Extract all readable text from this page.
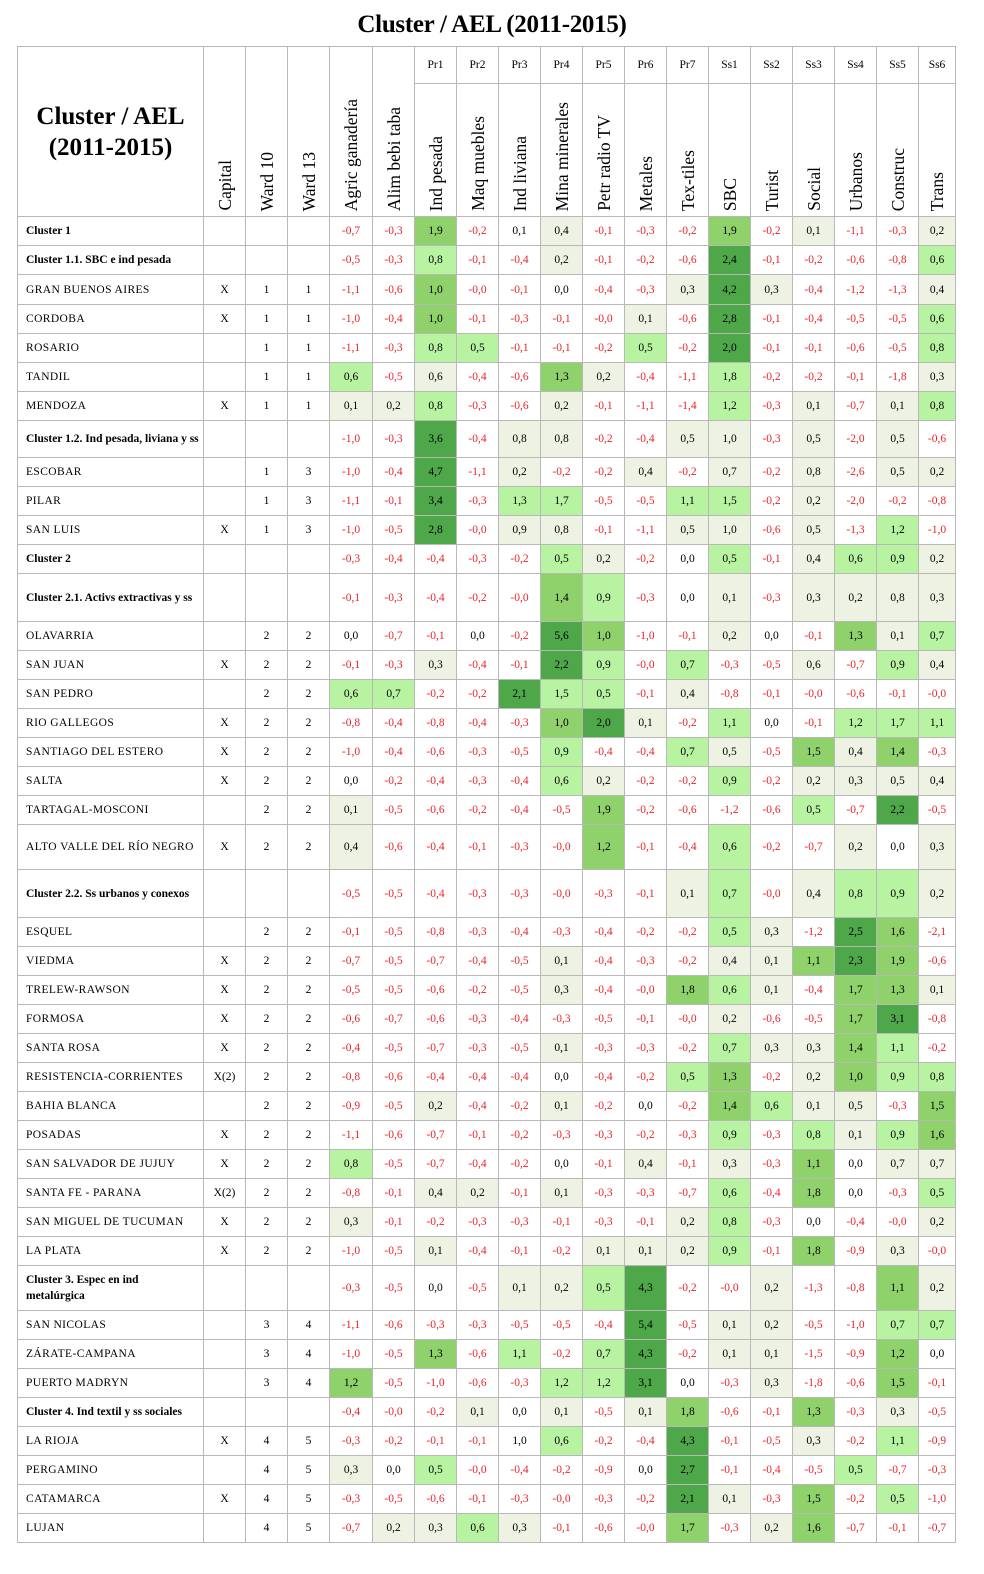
Cluster / AEL (2011-2015)
Cluster / AEL (2011-2015)	Capital	Ward 10	Ward 13	Agric ganadería	Alim bebi taba	Pr1	Pr2	Pr3	Pr4	Pr5	Pr6	Pr7	Ss1	Ss2	Ss3	Ss4	Ss5	Ss6
						Ind pesada	Maq muebles	Ind liviana	Mina minerales	Petr radio TV	Metales	Tex-tiles	SBC	Turist	Social	Urbanos	Construc	Trans
Cluster 1				-0,7	-0,3	1,9	-0,2	0,1	0,4	-0,1	-0,3	-0,2	1,9	-0,2	0,1	-1,1	-0,3	0,2
Cluster 1.1. SBC e ind pesada				-0,5	-0,3	0,8	-0,1	-0,4	0,2	-0,1	-0,2	-0,6	2,4	-0,1	-0,2	-0,6	-0,8	0,6
GRAN BUENOS AIRES	X	1	1	-1,1	-0,6	1,0	-0,0	-0,1	0,0	-0,4	-0,3	0,3	4,2	0,3	-0,4	-1,2	-1,3	0,4
CORDOBA	X	1	1	-1,0	-0,4	1,0	-0,1	-0,3	-0,1	-0,0	0,1	-0,6	2,8	-0,1	-0,4	-0,5	-0,5	0,6
ROSARIO		1	1	-1,1	-0,3	0,8	0,5	-0,1	-0,1	-0,2	0,5	-0,2	2,0	-0,1	-0,1	-0,6	-0,5	0,8
TANDIL		1	1	0,6	-0,5	0,6	-0,4	-0,6	1,3	0,2	-0,4	-1,1	1,8	-0,2	-0,2	-0,1	-1,8	0,3
MENDOZA	X	1	1	0,1	0,2	0,8	-0,3	-0,6	0,2	-0,1	-1,1	-1,4	1,2	-0,3	0,1	-0,7	0,1	0,8
Cluster 1.2. Ind pesada, liviana y ss				-1,0	-0,3	3,6	-0,4	0,8	0,8	-0,2	-0,4	0,5	1,0	-0,3	0,5	-2,0	0,5	-0,6
ESCOBAR		1	3	-1,0	-0,4	4,7	-1,1	0,2	-0,2	-0,2	0,4	-0,2	0,7	-0,2	0,8	-2,6	0,5	0,2
PILAR		1	3	-1,1	-0,1	3,4	-0,3	1,3	1,7	-0,5	-0,5	1,1	1,5	-0,2	0,2	-2,0	-0,2	-0,8
SAN LUIS	X	1	3	-1,0	-0,5	2,8	-0,0	0,9	0,8	-0,1	-1,1	0,5	1,0	-0,6	0,5	-1,3	1,2	-1,0
Cluster 2				-0,3	-0,4	-0,4	-0,3	-0,2	0,5	0,2	-0,2	0,0	0,5	-0,1	0,4	0,6	0,9	0,2
Cluster 2.1. Activs extractivas y ss				-0,1	-0,3	-0,4	-0,2	-0,0	1,4	0,9	-0,3	0,0	0,1	-0,3	0,3	0,2	0,8	0,3
OLAVARRIA		2	2	0,0	-0,7	-0,1	0,0	-0,2	5,6	1,0	-1,0	-0,1	0,2	0,0	-0,1	1,3	0,1	0,7
SAN JUAN	X	2	2	-0,1	-0,3	0,3	-0,4	-0,1	2,2	0,9	-0,0	0,7	-0,3	-0,5	0,6	-0,7	0,9	0,4
SAN PEDRO		2	2	0,6	0,7	-0,2	-0,2	2,1	1,5	0,5	-0,1	0,4	-0,8	-0,1	-0,0	-0,6	-0,1	-0,0
RIO GALLEGOS	X	2	2	-0,8	-0,4	-0,8	-0,4	-0,3	1,0	2,0	0,1	-0,2	1,1	0,0	-0,1	1,2	1,7	1,1
SANTIAGO DEL ESTERO	X	2	2	-1,0	-0,4	-0,6	-0,3	-0,5	0,9	-0,4	-0,4	0,7	0,5	-0,5	1,5	0,4	1,4	-0,3
SALTA	X	2	2	0,0	-0,2	-0,4	-0,3	-0,4	0,6	0,2	-0,2	-0,2	0,9	-0,2	0,2	0,3	0,5	0,4
TARTAGAL-MOSCONI		2	2	0,1	-0,5	-0,6	-0,2	-0,4	-0,5	1,9	-0,2	-0,6	-1,2	-0,6	0,5	-0,7	2,2	-0,5
ALTO VALLE DEL RÍO NEGRO	X	2	2	0,4	-0,6	-0,4	-0,1	-0,3	-0,0	1,2	-0,1	-0,4	0,6	-0,2	-0,7	0,2	0,0	0,3
Cluster 2.2. Ss urbanos y conexos				-0,5	-0,5	-0,4	-0,3	-0,3	-0,0	-0,3	-0,1	0,1	0,7	-0,0	0,4	0,8	0,9	0,2
ESQUEL		2	2	-0,1	-0,5	-0,8	-0,3	-0,4	-0,3	-0,4	-0,2	-0,2	0,5	0,3	-1,2	2,5	1,6	-2,1
VIEDMA	X	2	2	-0,7	-0,5	-0,7	-0,4	-0,5	0,1	-0,4	-0,3	-0,2	0,4	0,1	1,1	2,3	1,9	-0,6
TRELEW-RAWSON	X	2	2	-0,5	-0,5	-0,6	-0,2	-0,5	0,3	-0,4	-0,0	1,8	0,6	0,1	-0,4	1,7	1,3	0,1
FORMOSA	X	2	2	-0,6	-0,7	-0,6	-0,3	-0,4	-0,3	-0,5	-0,1	-0,0	0,2	-0,6	-0,5	1,7	3,1	-0,8
SANTA ROSA	X	2	2	-0,4	-0,5	-0,7	-0,3	-0,5	0,1	-0,3	-0,3	-0,2	0,7	0,3	0,3	1,4	1,1	-0,2
RESISTENCIA-CORRIENTES	X(2)	2	2	-0,8	-0,6	-0,4	-0,4	-0,4	0,0	-0,4	-0,2	0,5	1,3	-0,2	0,2	1,0	0,9	0,8
BAHIA BLANCA		2	2	-0,9	-0,5	0,2	-0,4	-0,2	0,1	-0,2	0,0	-0,2	1,4	0,6	0,1	0,5	-0,3	1,5
POSADAS	X	2	2	-1,1	-0,6	-0,7	-0,1	-0,2	-0,3	-0,3	-0,2	-0,3	0,9	-0,3	0,8	0,1	0,9	1,6
SAN SALVADOR DE JUJUY	X	2	2	0,8	-0,5	-0,7	-0,4	-0,2	0,0	-0,1	0,4	-0,1	0,3	-0,3	1,1	0,0	0,7	0,7
SANTA FE - PARANA	X(2)	2	2	-0,8	-0,1	0,4	0,2	-0,1	0,1	-0,3	-0,3	-0,7	0,6	-0,4	1,8	0,0	-0,3	0,5
SAN MIGUEL DE TUCUMAN	X	2	2	0,3	-0,1	-0,2	-0,3	-0,3	-0,1	-0,3	-0,1	0,2	0,8	-0,3	0,0	-0,4	-0,0	0,2
LA PLATA	X	2	2	-1,0	-0,5	0,1	-0,4	-0,1	-0,2	0,1	0,1	0,2	0,9	-0,1	1,8	-0,9	0,3	-0,0
Cluster 3. Espec en ind metalúrgica				-0,3	-0,5	0,0	-0,5	0,1	0,2	0,5	4,3	-0,2	-0,0	0,2	-1,3	-0,8	1,1	0,2
SAN NICOLAS		3	4	-1,1	-0,6	-0,3	-0,3	-0,5	-0,5	-0,4	5,4	-0,5	0,1	0,2	-0,5	-1,0	0,7	0,7
ZÁRATE-CAMPANA		3	4	-1,0	-0,5	1,3	-0,6	1,1	-0,2	0,7	4,3	-0,2	0,1	0,1	-1,5	-0,9	1,2	0,0
PUERTO MADRYN		3	4	1,2	-0,5	-1,0	-0,6	-0,3	1,2	1,2	3,1	0,0	-0,3	0,3	-1,8	-0,6	1,5	-0,1
Cluster 4. Ind textil y ss sociales				-0,4	-0,0	-0,2	0,1	0,0	0,1	-0,5	0,1	1,8	-0,6	-0,1	1,3	-0,3	0,3	-0,5
LA RIOJA	X	4	5	-0,3	-0,2	-0,1	-0,1	1,0	0,6	-0,2	-0,4	4,3	-0,1	-0,5	0,3	-0,2	1,1	-0,9
PERGAMINO		4	5	0,3	0,0	0,5	-0,0	-0,4	-0,2	-0,9	0,0	2,7	-0,1	-0,4	-0,5	0,5	-0,7	-0,3
CATAMARCA	X	4	5	-0,3	-0,5	-0,6	-0,1	-0,3	-0,0	-0,3	-0,2	2,1	0,1	-0,3	1,5	-0,2	0,5	-1,0
LUJAN		4	5	-0,7	0,2	0,3	0,6	0,3	-0,1	-0,6	-0,0	1,7	-0,3	0,2	1,6	-0,7	-0,1	-0,7
